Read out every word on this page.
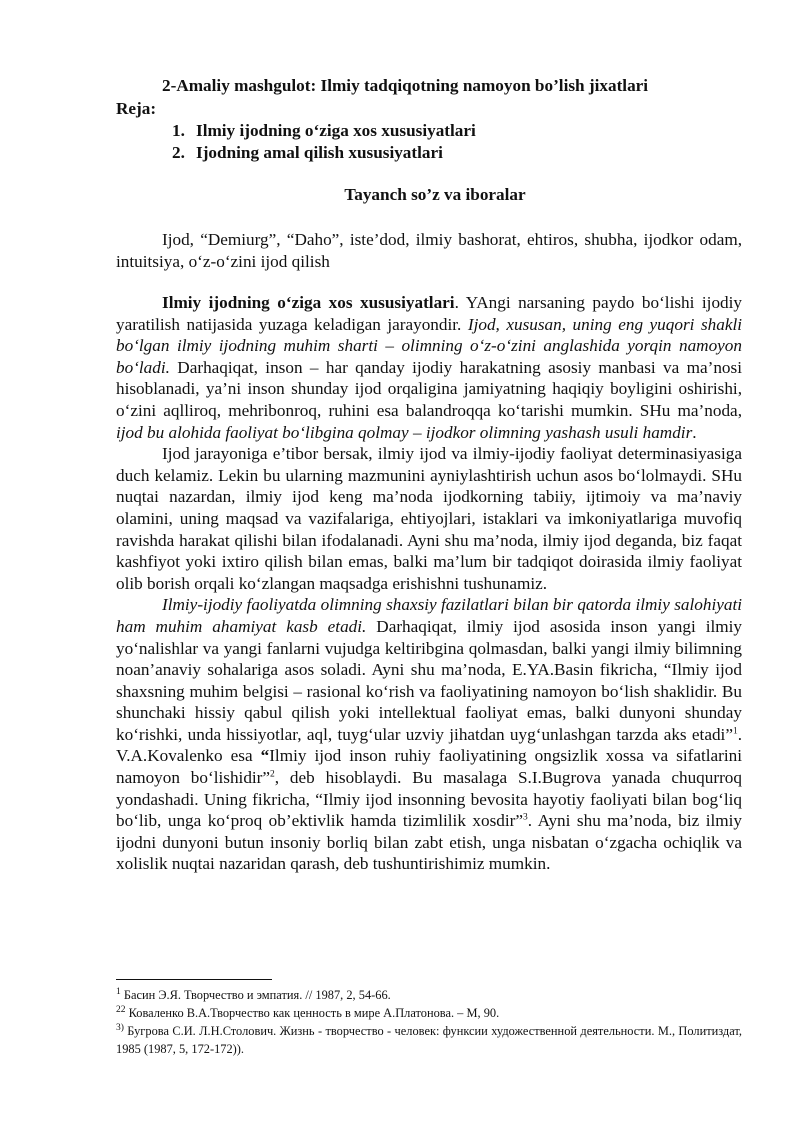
2-Amaliy mashgulot: Ilmiy tadqiqotning namoyon bo’lish jixatlari
Reja:
1. Ilmiy ijodning o‘ziga xos xususiyatlari
2. Ijodning amal qilish xususiyatlari
Tayanch so’z va iboralar

Ijod, “Demiurg”, “Daho”, iste’dod, ilmiy bashorat, ehtiros, shubha, ijodkor odam, intuitsiya, o‘z-o‘zini ijod qilish

Ilmiy ijodning o‘ziga xos xususiyatlari. YAngi narsaning paydo bo‘lishi ijodiy yaratilish natijasida yuzaga keladigan jarayondir. Ijod, xususan, uning eng yuqori shakli bo‘lgan ilmiy ijodning muhim sharti – olimning o‘z-o‘zini anglashida yorqin namoyon bo‘ladi. Darhaqiqat, inson – har qanday ijodiy harakatning asosiy manbasi va ma’nosi hisoblanadi, ya’ni inson shunday ijod orqaligina jamiyatning haqiqiy boyligini oshirishi, o‘zini aqlliroq, mehribonroq, ruhini esa balandroqqa ko‘tarishi mumkin. SHu ma’noda, ijod bu alohida faoliyat bo‘libgina qolmay – ijodkor olimning yashash usuli hamdir.

Ijod jarayoniga e’tibor bersak, ilmiy ijod va ilmiy-ijodiy faoliyat determinasiyasiga duch kelamiz. Lekin bu ularning mazmunini ayniylashtirish uchun asos bo‘lolmaydi. SHu nuqtai nazardan, ilmiy ijod keng ma’noda ijodkorning tabiiy, ijtimoiy va ma’naviy olamini, uning maqsad va vazifalariga, ehtiyojlari, istaklari va imkoniyatlariga muvofiq ravishda harakat qilishi bilan ifodalanadi. Ayni shu ma’noda, ilmiy ijod deganda, biz faqat kashfiyot yoki ixtiro qilish bilan emas, balki ma’lum bir tadqiqot doirasida ilmiy faoliyat olib borish orqali ko‘zlangan maqsadga erishishni tushunamiz.

Ilmiy-ijodiy faoliyatda olimning shaxsiy fazilatlari bilan bir qatorda ilmiy salohiyati ham muhim ahamiyat kasb etadi. Darhaqiqat, ilmiy ijod asosida inson yangi ilmiy yo‘nalishlar va yangi fanlarni vujudga keltiribgina qolmasdan, balki yangi ilmiy bilimning noan’anaviy sohalariga asos soladi. Ayni shu ma’noda, E.YA.Basin fikricha, “Ilmiy ijod shaxsning muhim belgisi – rasional ko‘rish va faoliyatining namoyon bo‘lish shaklidir. Bu shunchaki hissiy qabul qilish yoki intellektual faoliyat emas, balki dunyoni shunday ko‘rishki, unda hissiyotlar, aql, tuyg‘ular uzviy jihatdan uyg‘unlashgan tarzda aks etadi”$^1$. V.A.Kovalenko esa “Ilmiy ijod inson ruhiy faoliyatining ongsizlik xossa va sifatlarini namoyon bo‘lishidir”$^2$, deb hisoblaydi. Bu masalaga S.I.Bugrova yanada chuqurroq yondashadi. Uning fikricha, “Ilmiy ijod insonning bevosita hayotiy faoliyati bilan bog‘liq bo‘lib, unga ko‘proq ob’ektivlik hamda tizimlilik xosdir”$^3$. Ayni shu ma’noda, biz ilmiy ijodni dunyoni butun insoniy borliq bilan zabt etish, unga nisbatan o‘zgacha ochiqlik va xolislik nuqtai nazaridan qarash, deb tushuntirishimiz mumkin.

$^1$ Басин Э.Я. Творчество и эмпатия. // 1987, 2, 54-66.

$^{22}$ Коваленко В.А.Творчество как ценность в мире А.Платонова. – М, 90.

$^{3)}$ Бугрова С.И. Л.Н.Столович. Жизнь - творчество - человек: функсии художественной деятельности. М., Политиздат, 1985 (1987, 5, 172-172)).
